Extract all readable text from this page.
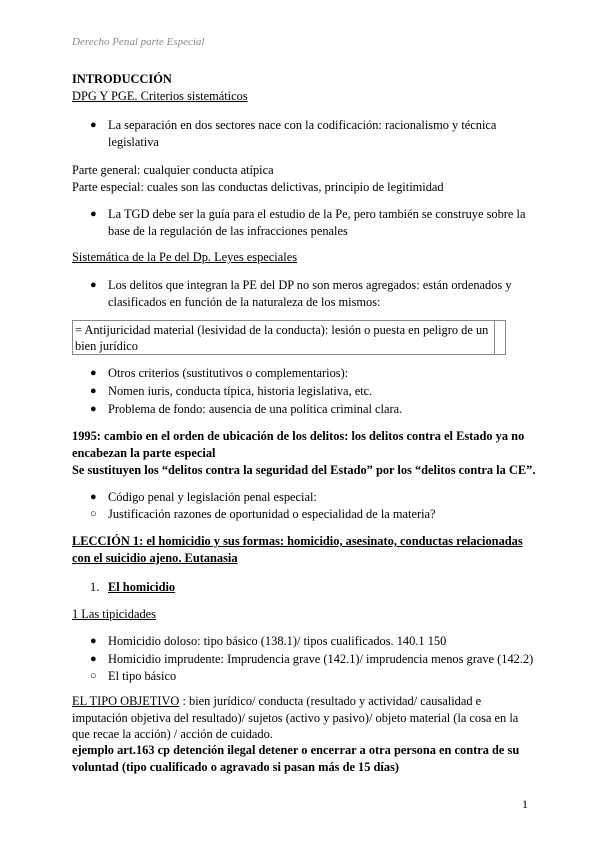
Derecho Penal parte Especial
INTRODUCCIÓN
DPG Y PGE. Criterios sistemáticos
● La separación en dos sectores nace con la codificación: racionalismo y técnica
legislativa
Parte general: cualquier conducta atípica
Parte especial: cuales son las conductas delictivas, principio de legitimidad
● La TGD debe ser la guía para el estudio de la Pe, pero también se construye sobre la
base de la regulación de las infracciones penales
Sistemática de la Pe del Dp. Leyes especiales
● Los delitos que integran la PE del DP no son meros agregados: están ordenados y
clasificados en función de la naturaleza de los mismos:
= Antijuricidad material (lesividad de la conducta): lesión o puesta en peligro de un
bien jurídico
● Otros criterios (sustitutivos o complementarios):
● Nomen iuris, conducta típica, historia legislativa, etc.
● Problema de fondo: ausencia de una política criminal clara.
1995: cambio en el orden de ubicación de los delitos: los delitos contra el Estado ya no
encabezan la parte especial
Se sustituyen los “delitos contra la seguridad del Estado” por los “delitos contra la CE”.
● Código penal y legislación penal especial:
○ Justificación razones de oportunidad o especialidad de la materia?
LECCIÓN 1: el homicidio y sus formas: homicidio, asesinato, conductas relacionadas
con el suicidio ajeno. Eutanasia
1. El homicidio
1 Las tipicidades
● Homicidio doloso: tipo básico (138.1)/ tipos cualificados. 140.1 150
● Homicidio imprudente: Imprudencia grave (142.1)/ imprudencia menos grave (142.2)
○ El tipo básico
EL TIPO OBJETIVO : bien jurídico/ conducta (resultado y actividad/ causalidad e
imputación objetiva del resultado)/ sujetos (activo y pasivo)/ objeto material (la cosa en la
que recae la acción) / acción de cuidado.
ejemplo art.163 cp detención ilegal detener o encerrar a otra persona en contra de su
voluntad (tipo cualificado o agravado si pasan más de 15 días)
1
